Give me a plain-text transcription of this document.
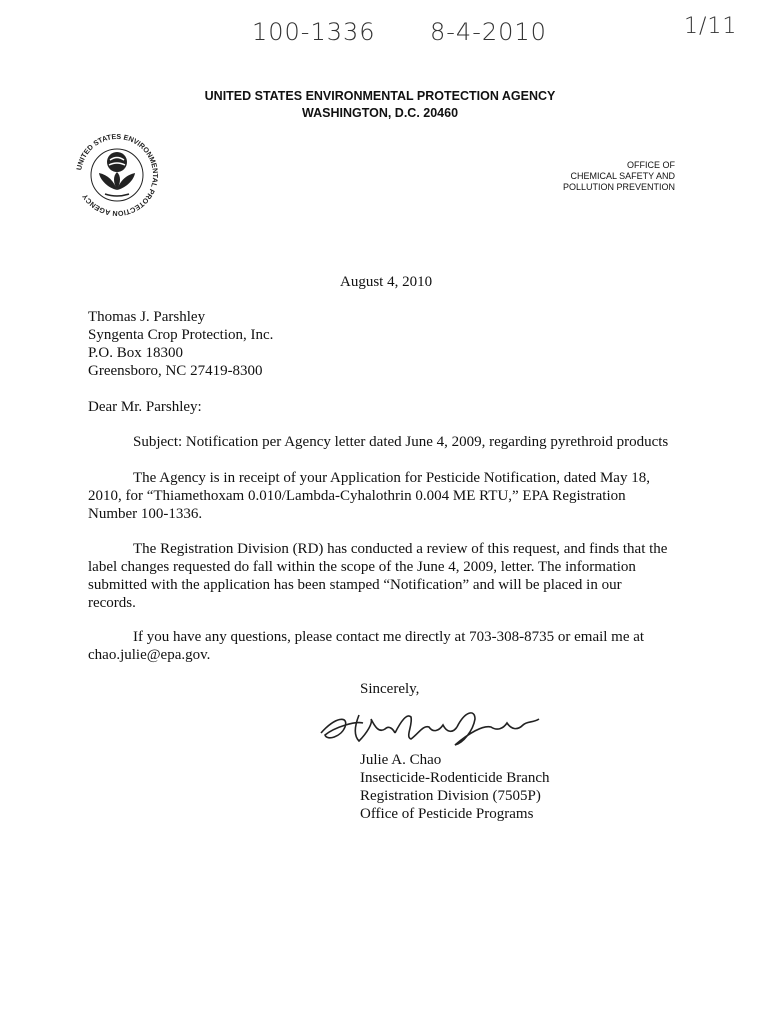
100-1336 8-4-2010	1/11
UNITED STATES ENVIRONMENTAL PROTECTION AGENCY
WASHINGTON, D.C. 20460
UNITED STATES ENVIRONMENTAL PROTECTION AGENCY
OFFICE OF
CHEMICAL SAFETY AND
POLLUTION PREVENTION
August 4, 2010
Thomas J. Parshley
Syngenta Crop Protection, Inc.
P.O. Box 18300
Greensboro, NC 27419-8300
Dear Mr. Parshley:
Subject: Notification per Agency letter dated June 4, 2009, regarding pyrethroid products

The Agency is in receipt of your Application for Pesticide Notification, dated May 18, 2010, for “Thiamethoxam 0.010/Lambda-Cyhalothrin 0.004 ME RTU,” EPA Registration Number 100-1336.

The Registration Division (RD) has conducted a review of this request, and finds that the label changes requested do fall within the scope of the June 4, 2009, letter. The information submitted with the application has been stamped “Notification” and will be placed in our records.

If you have any questions, please contact me directly at 703-308-8735 or email me at chao.julie@epa.gov.

Sincerely,
Julie A. Chao
Insecticide-Rodenticide Branch
Registration Division (7505P)
Office of Pesticide Programs
